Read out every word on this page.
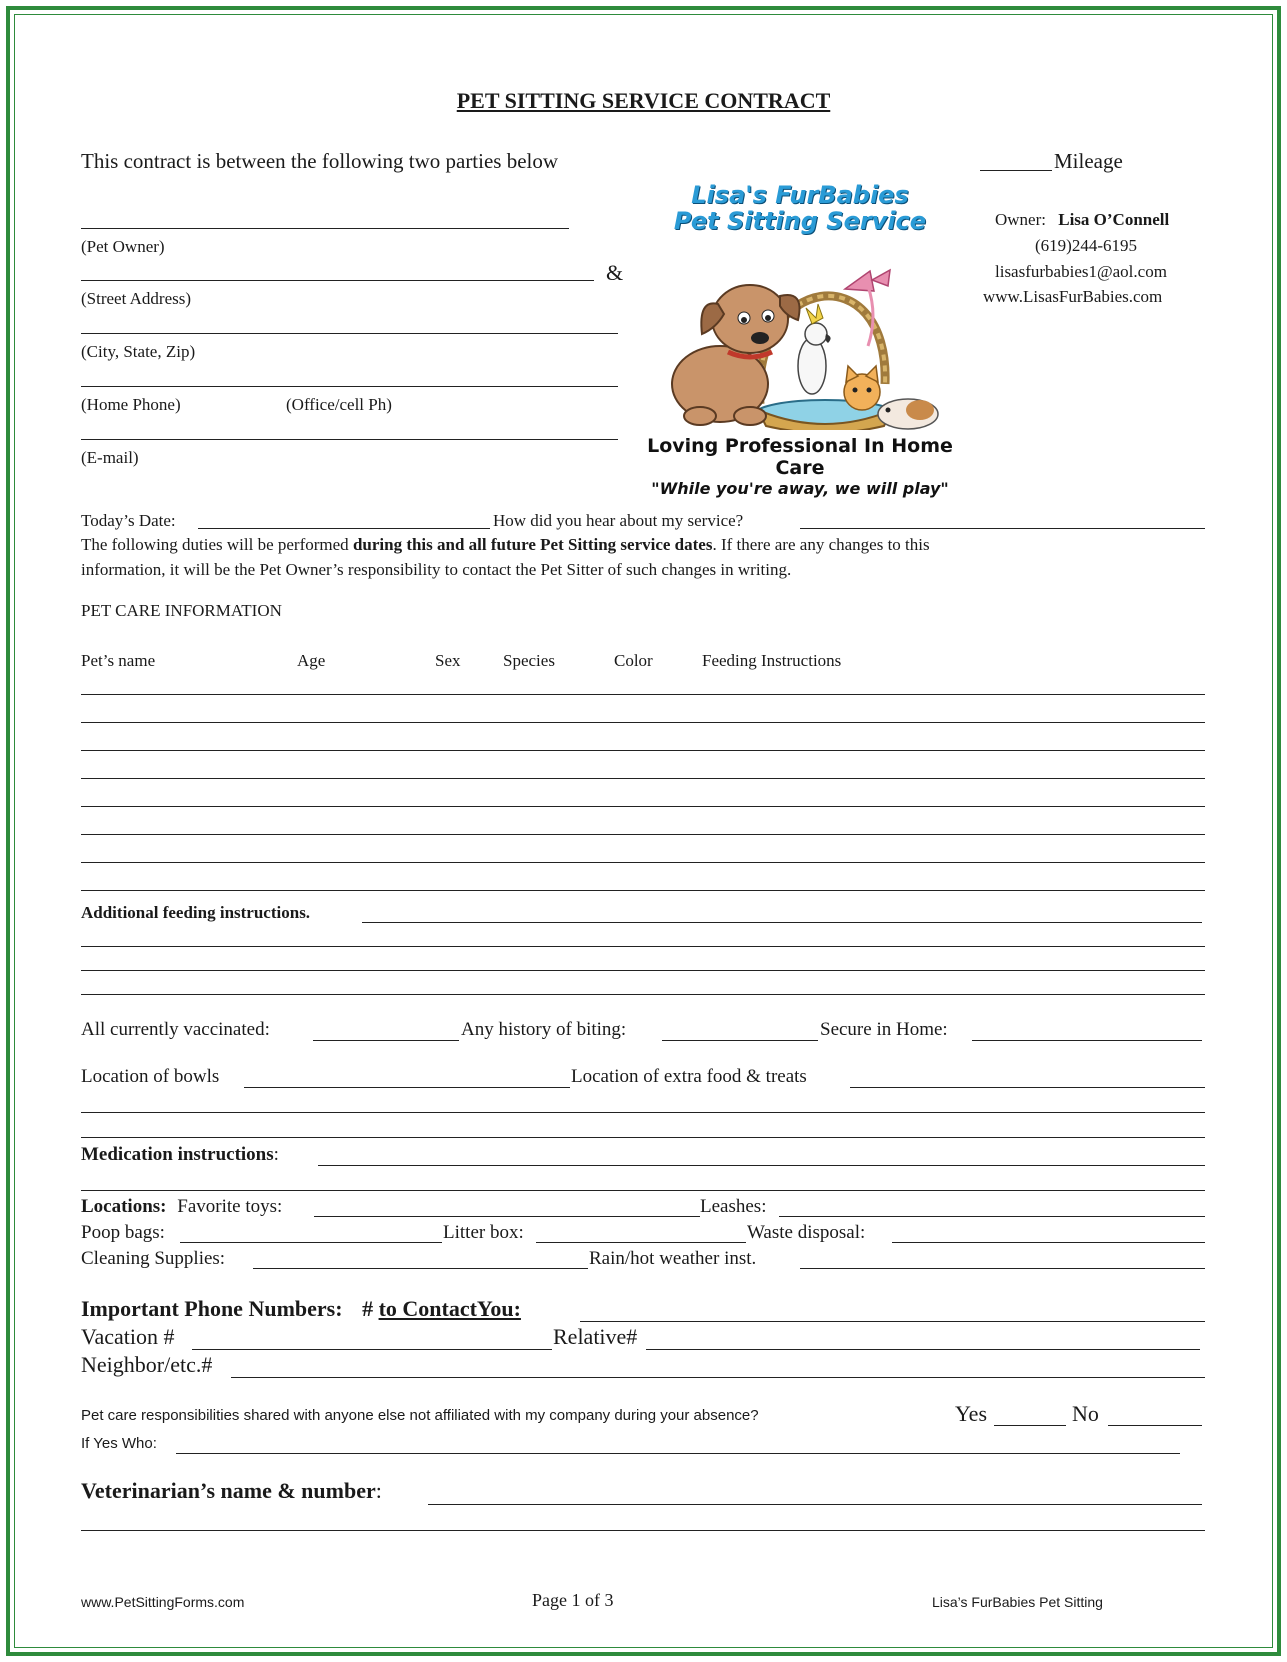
PET SITTING SERVICE CONTRACT
This contract is between the following two parties below	Mileage
(Pet Owner)
&
(Street Address)
(City, State, Zip)
(Home Phone)	(Office/cell Ph)
(E-mail)
Lisa's FurBabies
Pet Sitting Service
Loving Professional In Home Care
"While you're away, we will play"
Owner: Lisa O’Connell
(619)244-6195
lisasfurbabies1@aol.com
www.LisasFurBabies.com
Today’s Date:	How did you hear about my service?
The following duties will be performed during this and all future Pet Sitting service dates. If there are any changes to this
information, it will be the Pet Owner’s responsibility to contact the Pet Sitter of such changes in writing.
PET CARE INFORMATION
Pet’s name	Age	Sex	Species	Color	Feeding Instructions
Additional feeding instructions.
All currently vaccinated:	Any history of biting:	Secure in Home:
Location of bowls	Location of extra food & treats
Medication instructions:
Locations: Favorite toys:	Leashes:
Poop bags:	Litter box:	Waste disposal:
Cleaning Supplies:	Rain/hot weather inst.
Important Phone Numbers: # to ContactYou:
Vacation #	Relative#
Neighbor/etc.#
Pet care responsibilities shared with anyone else not affiliated with my company during your absence?	Yes	No
If Yes Who:
Veterinarian’s name & number:
www.PetSittingForms.com	Page 1 of 3	Lisa’s FurBabies Pet Sitting
